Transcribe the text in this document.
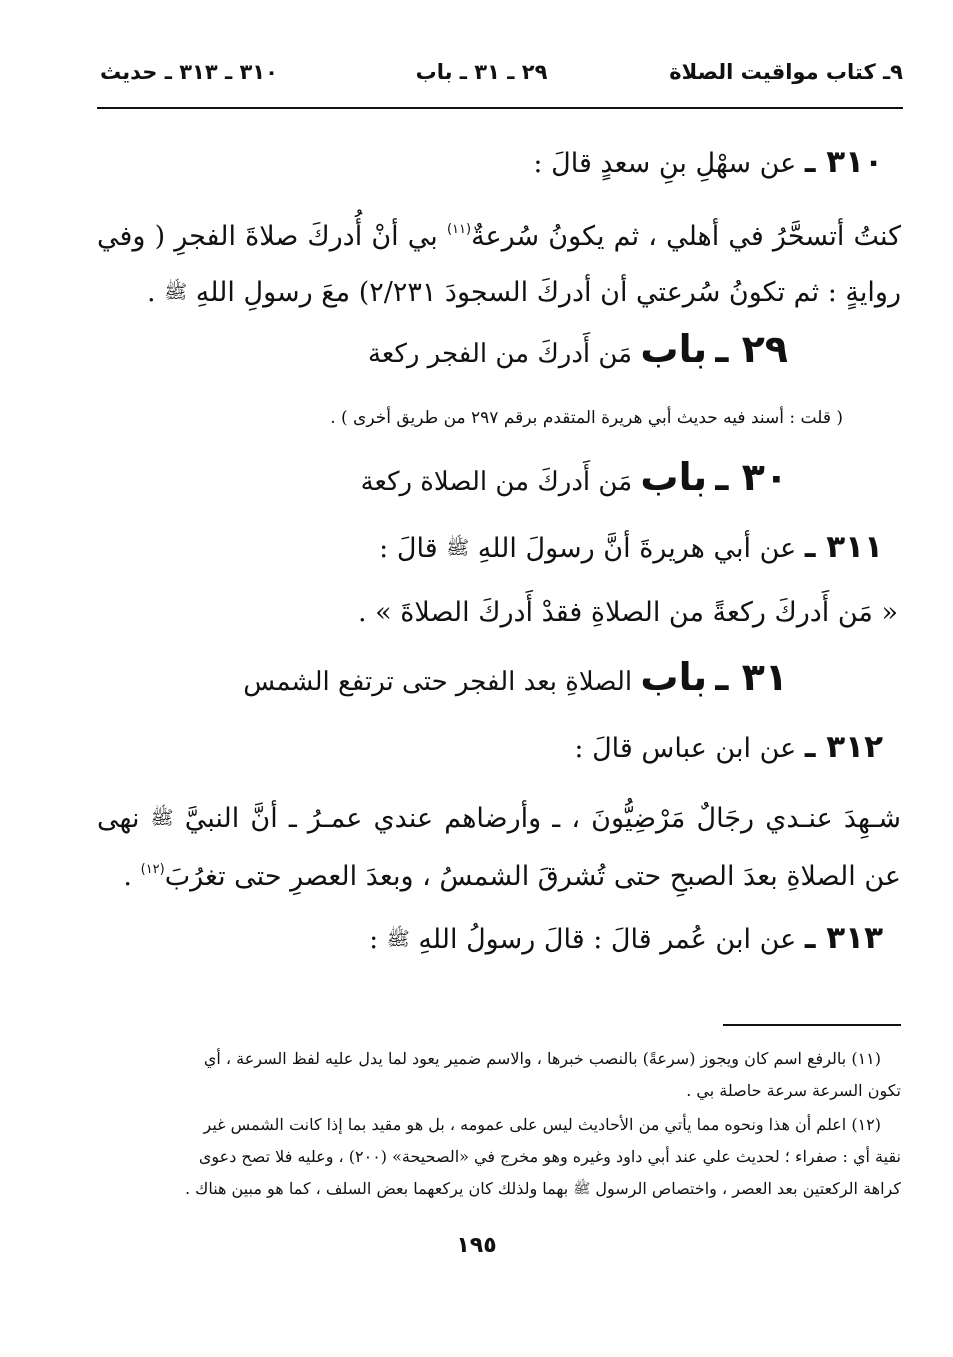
٩ـ كتاب مواقيت الصلاة
٢٩ ـ ٣١ ـ باب
٣١٠ ـ ٣١٣ ـ حديث
٣١٠ ـ عن سهْلِ بنِ سعدٍ قالَ :
كنتُ أتسحَّرُ في أهلي ، ثم يكونُ سُرعةٌ$^{(١١)}$ بي أنْ أُدركَ صلاةَ الفجرِ ( وفي
روايةٍ : ثم تكونُ سُرعتي أن أدركَ السجودَ ٢/٢٣١) معَ رسولِ اللهِ ﷺ .
٢٩ ـ باب مَن أَدركَ من الفجر ركعة
( قلت : أسند فيه حديث أبي هريرة المتقدم برقم ٢٩٧ من طريق أخرى ) .
٣٠ ـ باب مَن أَدركَ من الصلاة ركعة
٣١١ ـ عن أبي هريرةَ أنَّ رسولَ اللهِ ﷺ قالَ :
« مَن أَدركَ ركعةً من الصلاةِ فقدْ أَدركَ الصلاةَ » .
٣١ ـ باب الصلاةِ بعد الفجر حتى ترتفع الشمس
٣١٢ ـ عن ابن عباس قالَ :
شـهِدَ عنـدي رجَالٌ مَرْضِيُّونَ ، ـ وأرضاهم عندي عمـرُ ـ أنَّ النبيَّ ﷺ نهى
عن الصلاةِ بعدَ الصبحِ حتى تُشرقَ الشمسُ ، وبعدَ العصرِ حتى تغرُبَ$^{(١٢)}$ .
٣١٣ ـ عن ابن عُمر قالَ : قالَ رسولُ اللهِ ﷺ :
(١١) بالرفع اسم كان ويجوز (سرعةً) بالنصب خبرها ، والاسم ضمير يعود لما يدل عليه لفظ السرعة ، أي
تكون السرعة سرعة حاصلة بي .
(١٢) اعلم أن هذا ونحوه مما يأتي من الأحاديث ليس على عمومه ، بل هو مقيد بما إذا كانت الشمس غير
نقية أي : صفراء ؛ لحديث علي عند أبي داود وغيره وهو مخرج في «الصحيحة» (٢٠٠) ، وعليه فلا تصح دعوى
كراهة الركعتين بعد العصر ، واختصاص الرسول ﷺ بهما ولذلك كان يركعهما بعض السلف ، كما هو مبين هناك .
١٩٥
